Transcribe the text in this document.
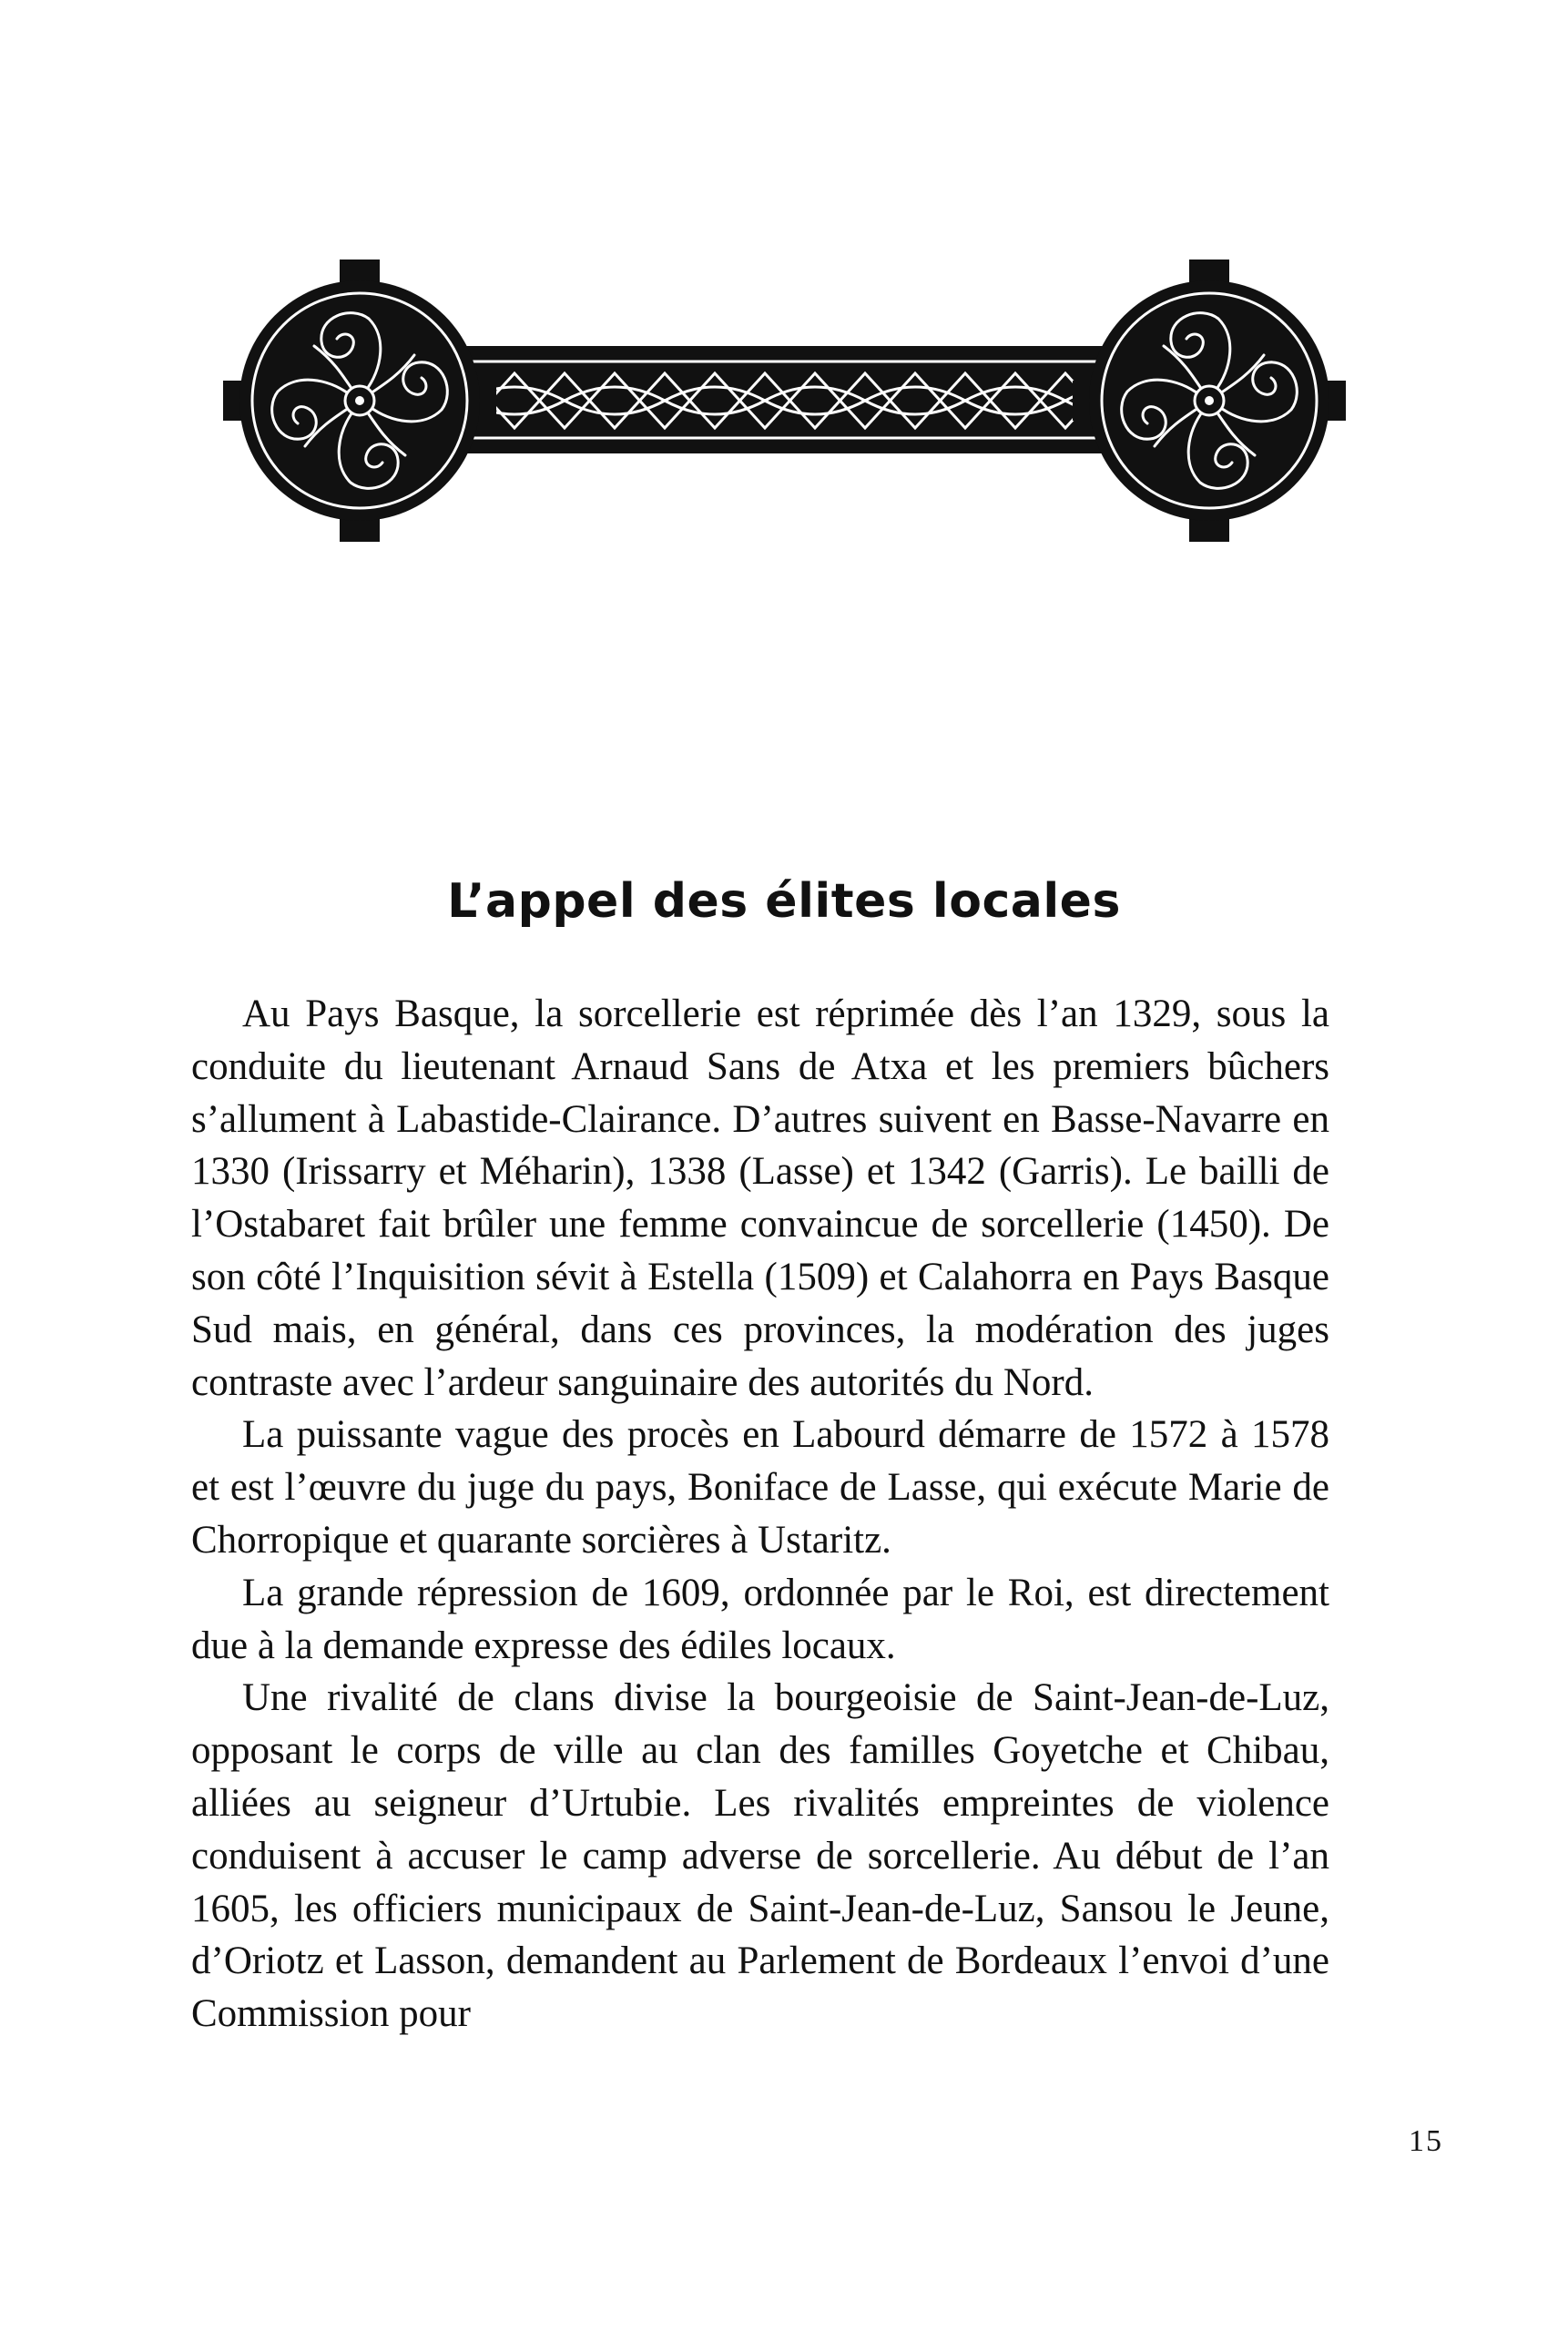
L’appel des élites locales

Au Pays Basque, la sorcellerie est réprimée dès l’an 1329, sous la conduite du lieutenant Arnaud Sans de Atxa et les premiers bûchers s’allument à Labastide-Clairance. D’autres suivent en Basse-Navarre en 1330 (Irissarry et Méharin), 1338 (Lasse) et 1342 (Garris). Le bailli de l’Ostabaret fait brûler une femme convaincue de sorcellerie (1450). De son côté l’Inquisition sévit à Estella (1509) et Calahorra en Pays Basque Sud mais, en général, dans ces provinces, la modération des juges contraste avec l’ardeur sanguinaire des autorités du Nord.

La puissante vague des procès en Labourd démarre de 1572 à 1578 et est l’œuvre du juge du pays, Boniface de Lasse, qui exécute Marie de Chorropique et quarante sorcières à Ustaritz.

La grande répression de 1609, ordonnée par le Roi, est directement due à la demande expresse des édiles locaux.

Une rivalité de clans divise la bourgeoisie de Saint-Jean-de-Luz, opposant le corps de ville au clan des familles Goyetche et Chibau, alliées au seigneur d’Urtubie. Les rivalités empreintes de violence conduisent à accuser le camp adverse de sorcellerie. Au début de l’an 1605, les officiers municipaux de Saint-Jean-de-Luz, Sansou le Jeune, d’Oriotz et Lasson, demandent au Parlement de Bordeaux l’envoi d’une Commission pour

15
